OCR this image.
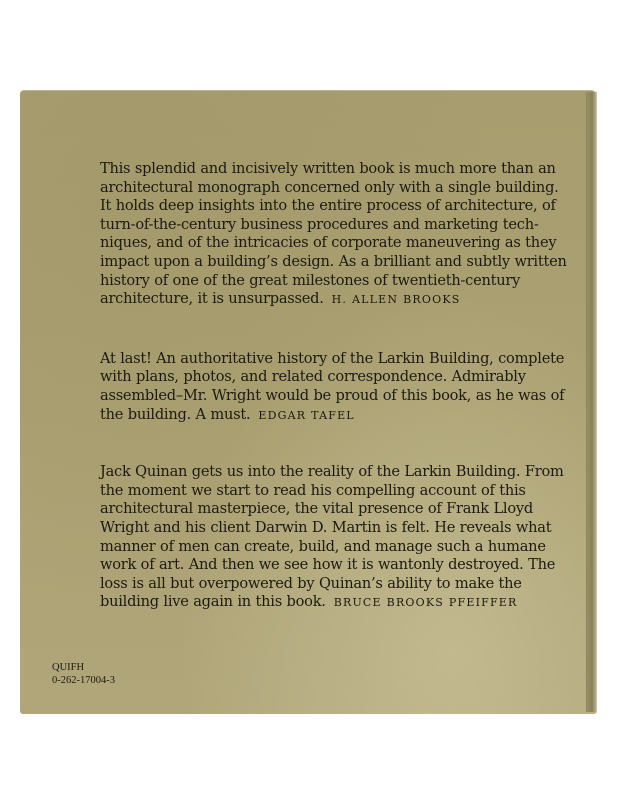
This splendid and incisively written book is much more than an
architectural monograph concerned only with a single building.
It holds deep insights into the entire process of architecture, of
turn-of-the-century business procedures and marketing tech-
niques, and of the intricacies of corporate maneuvering as they
impact upon a building’s design. As a brilliant and subtly written
history of one of the great milestones of twentieth-century
architecture, it is unsurpassed. H. ALLEN BROOKS

At last! An authoritative history of the Larkin Building, complete
with plans, photos, and related correspondence. Admirably
assembled–Mr. Wright would be proud of this book, as he was of
the building. A must. EDGAR TAFEL

Jack Quinan gets us into the reality of the Larkin Building. From
the moment we start to read his compelling account of this
architectural masterpiece, the vital presence of Frank Lloyd
Wright and his client Darwin D. Martin is felt. He reveals what
manner of men can create, build, and manage such a humane
work of art. And then we see how it is wantonly destroyed. The
loss is all but overpowered by Quinan’s ability to make the
building live again in this book. BRUCE BROOKS PFEIFFER

QUIFH
0-262-17004-3
